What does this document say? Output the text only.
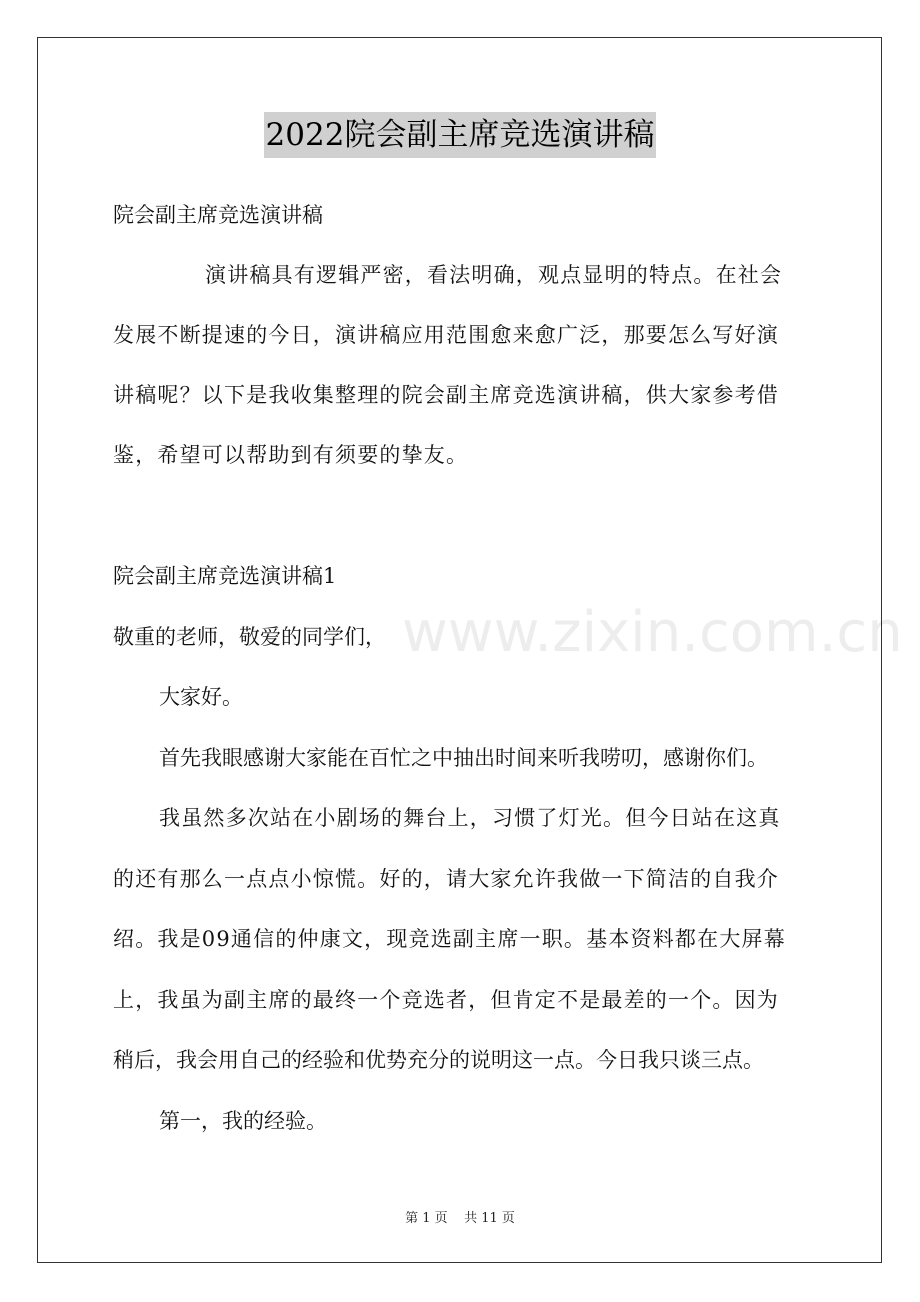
2022院会副主席竞选演讲稿
院会副主席竞选演讲稿
演讲稿具有逻辑严密，看法明确，观点显明的特点。在社会
发展不断提速的今日，演讲稿应用范围愈来愈广泛，那要怎么写好演
讲稿呢？以下是我收集整理的院会副主席竞选演讲稿，供大家参考借
鉴，希望可以帮助到有须要的挚友。
院会副主席竞选演讲稿1
敬重的老师，敬爱的同学们， www.zixin.com.cn
大家好。
首先我眼感谢大家能在百忙之中抽出时间来听我唠叨，感谢你们。
我虽然多次站在小剧场的舞台上，习惯了灯光。但今日站在这真
的还有那么一点点小惊慌。好的，请大家允许我做一下简洁的自我介
绍。我是09通信的仲康文，现竞选副主席一职。基本资料都在大屏幕
上，我虽为副主席的最终一个竞选者，但肯定不是最差的一个。因为
稍后，我会用自己的经验和优势充分的说明这一点。今日我只谈三点。
第一，我的经验。
第 1 页    共 11 页
